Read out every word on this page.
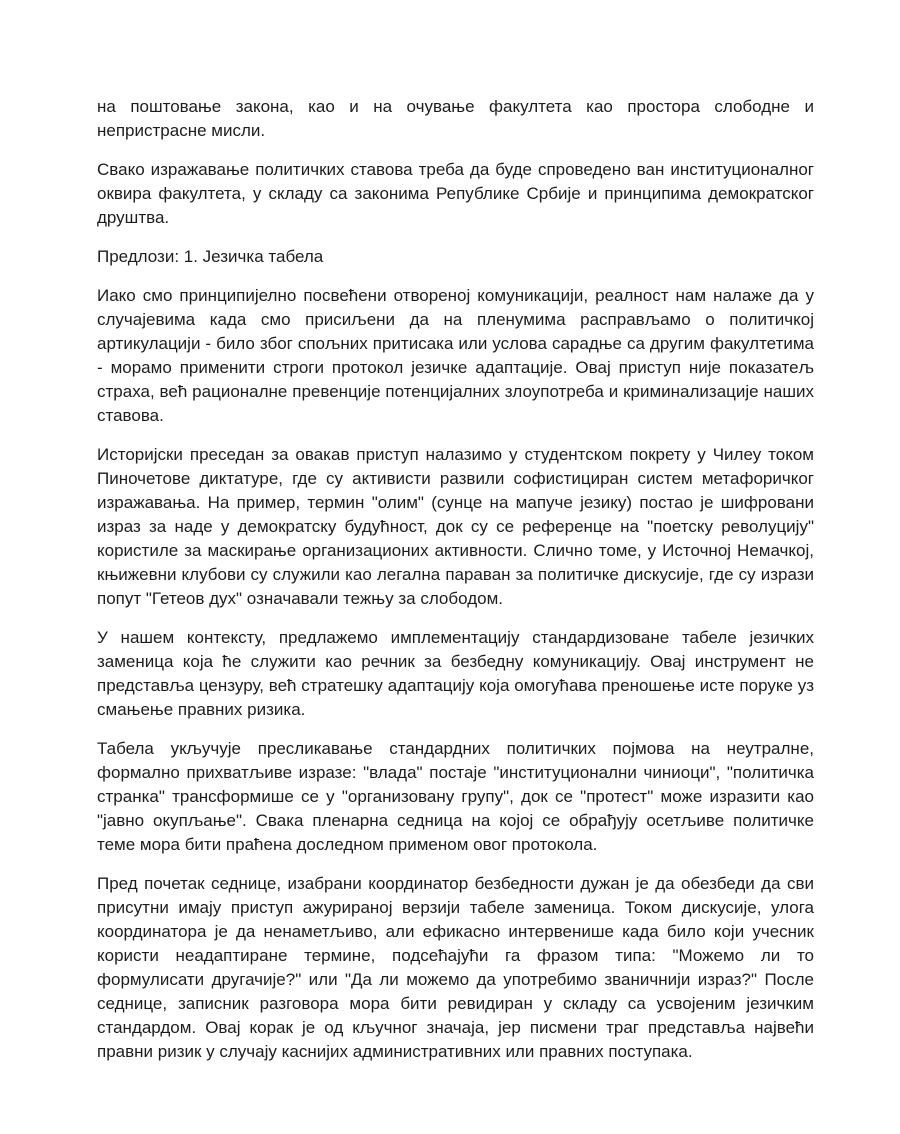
на поштовање закона, као и на очување факултета као простора слободне и непристрасне мисли.

Свако изражавање политичких ставова треба да буде спроведено ван институционалног оквира факултета, у складу са законима Републике Србије и принципима демократског друштва.

Предлози: 1. Језичка табела

Иако смо принципијелно посвећени отвореној комуникацији, реалност нам налаже да у случајевима када смо присиљени да на пленумима расправљамо о политичкој артикулацији - било због спољних притисака или услова сарадње са другим факултетима - морамо применити строги протокол језичке адаптације. Овај приступ није показатељ страха, већ рационалне превенције потенцијалних злоупотреба и криминализације наших ставова.

Историјски преседан за овакав приступ налазимо у студентском покрету у Чилеу током Пиночетове диктатуре, где су активисти развили софистициран систем метафоричког изражавања. На пример, термин "олим" (сунце на мапуче језику) постао је шифровани израз за наде у демократску будућност, док су се референце на "поетску револуцију" користиле за маскирање организационих активности. Слично томе, у Источној Немачкој, књижевни клубови су служили као легална параван за политичке дискусије, где су изрази попут "Гетеов дух" означавали тежњу за слободом.

У нашем контексту, предлажемо имплементацију стандардизоване табеле језичких заменица која ће служити као речник за безбедну комуникацију. Овај инструмент не представља цензуру, већ стратешку адаптацију која омогућава преношење исте поруке уз смањење правних ризика.

Табела укључује пресликавање стандардних политичких појмова на неутралне, формално прихватљиве изразе: "влада" постаје "институционални чиниоци", "политичка странка" трансформише се у "организовану групу", док се "протест" може изразити као "јавно окупљање". Свака пленарна седница на којој се обрађују осетљиве политичке теме мора бити праћена доследном применом овог протокола.

Пред почетак седнице, изабрани координатор безбедности дужан је да обезбеди да сви присутни имају приступ ажурираној верзији табеле заменица. Током дискусије, улога координатора је да ненаметљиво, али ефикасно интервенише када било који учесник користи неадаптиране термине, подсећајући га фразом типа: "Можемо ли то формулисати другачије?" или "Да ли можемо да употребимо званичнији израз?" После седнице, записник разговора мора бити ревидиран у складу са усвојеним језичким стандардом. Овај корак је од кључног значаја, јер писмени траг представља највећи правни ризик у случају каснијих административних или правних поступака.
